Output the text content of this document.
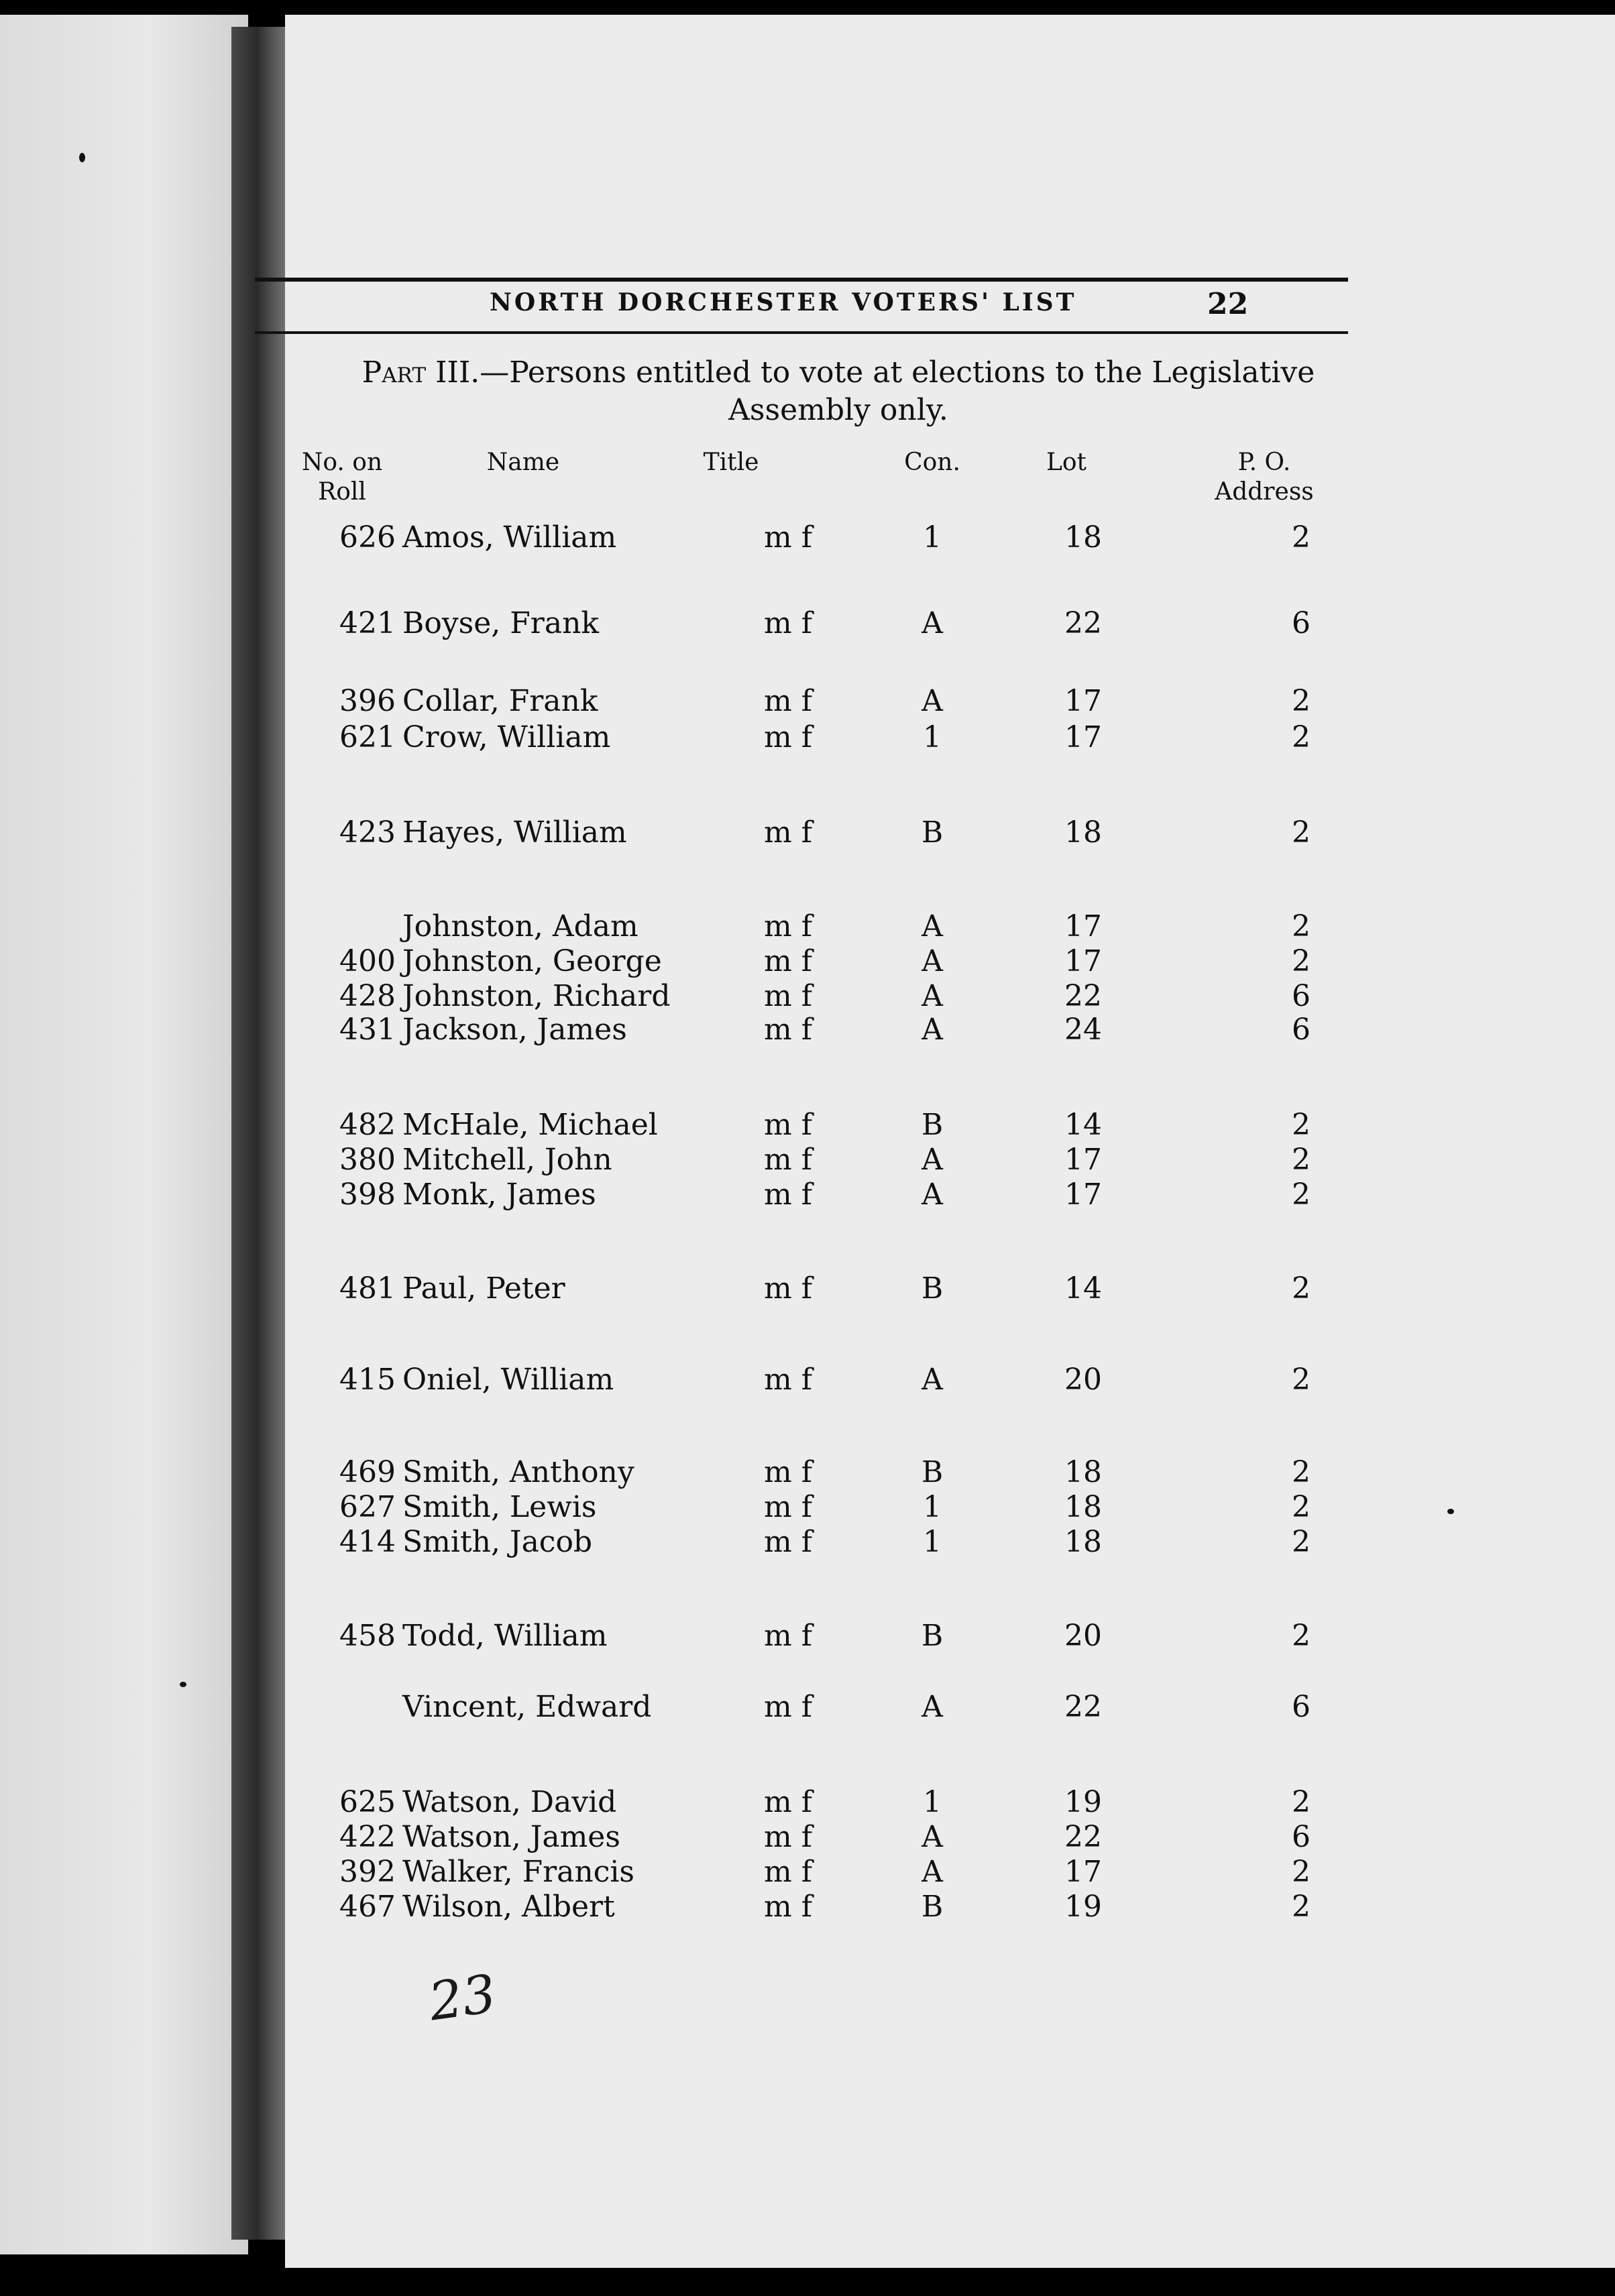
NORTH DORCHESTER VOTERS' LIST	22
Part III.—Persons entitled to vote at elections to the Legislative Assembly only.
No. on
Roll
Name	Title	Con.	Lot	P. O.
Address
626 Amos, William	m f	1	18	2
421 Boyse, Frank	m f	A	22	6
396 Collar, Frank	m f	A	17	2
621 Crow, William	m f	1	17	2
423 Hayes, William	m f	B	18	2
Johnston, Adam	m f	A	17	2
400 Johnston, George	m f	A	17	2
428 Johnston, Richard	m f	A	22	6
431 Jackson, James	m f	A	24	6
482 McHale, Michael	m f	B	14	2
380 Mitchell, John	m f	A	17	2
398 Monk, James	m f	A	17	2
481 Paul, Peter	m f	B	14	2
415 Oniel, William	m f	A	20	2
469 Smith, Anthony	m f	B	18	2
627 Smith, Lewis	m f	1	18	2
414 Smith, Jacob	m f	1	18	2
458 Todd, William	m f	B	20	2
Vincent, Edward	m f	A	22	6
625 Watson, David	m f	1	19	2
422 Watson, James	m f	A	22	6
392 Walker, Francis	m f	A	17	2
467 Wilson, Albert	m f	B	19	2
23
